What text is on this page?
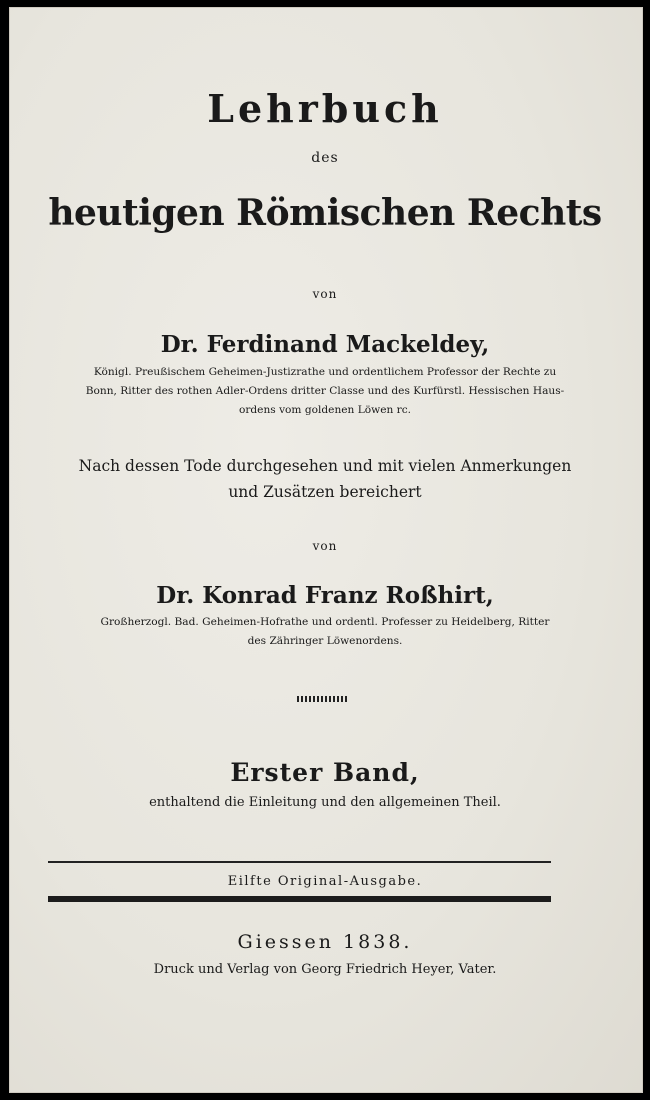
Lehrbuch
des
heutigen Römischen Rechts
von
Dr. Ferdinand Mackeldey,
Königl. Preußischem Geheimen-Justizrathe und ordentlichem Professor der Rechte zu
Bonn, Ritter des rothen Adler-Ordens dritter Classe und des Kurfürstl. Hessischen Haus-
ordens vom goldenen Löwen rc.
Nach dessen Tode durchgesehen und mit vielen Anmerkungen
und Zusätzen bereichert
von
Dr. Konrad Franz Roßhirt,
Großherzogl. Bad. Geheimen-Hofrathe und ordentl. Professer zu Heidelberg, Ritter
des Zähringer Löwenordens.
Erster Band,
enthaltend die Einleitung und den allgemeinen Theil.
Eilfte Original-Ausgabe.
Giessen 1838.
Druck und Verlag von Georg Friedrich Heyer, Vater.
